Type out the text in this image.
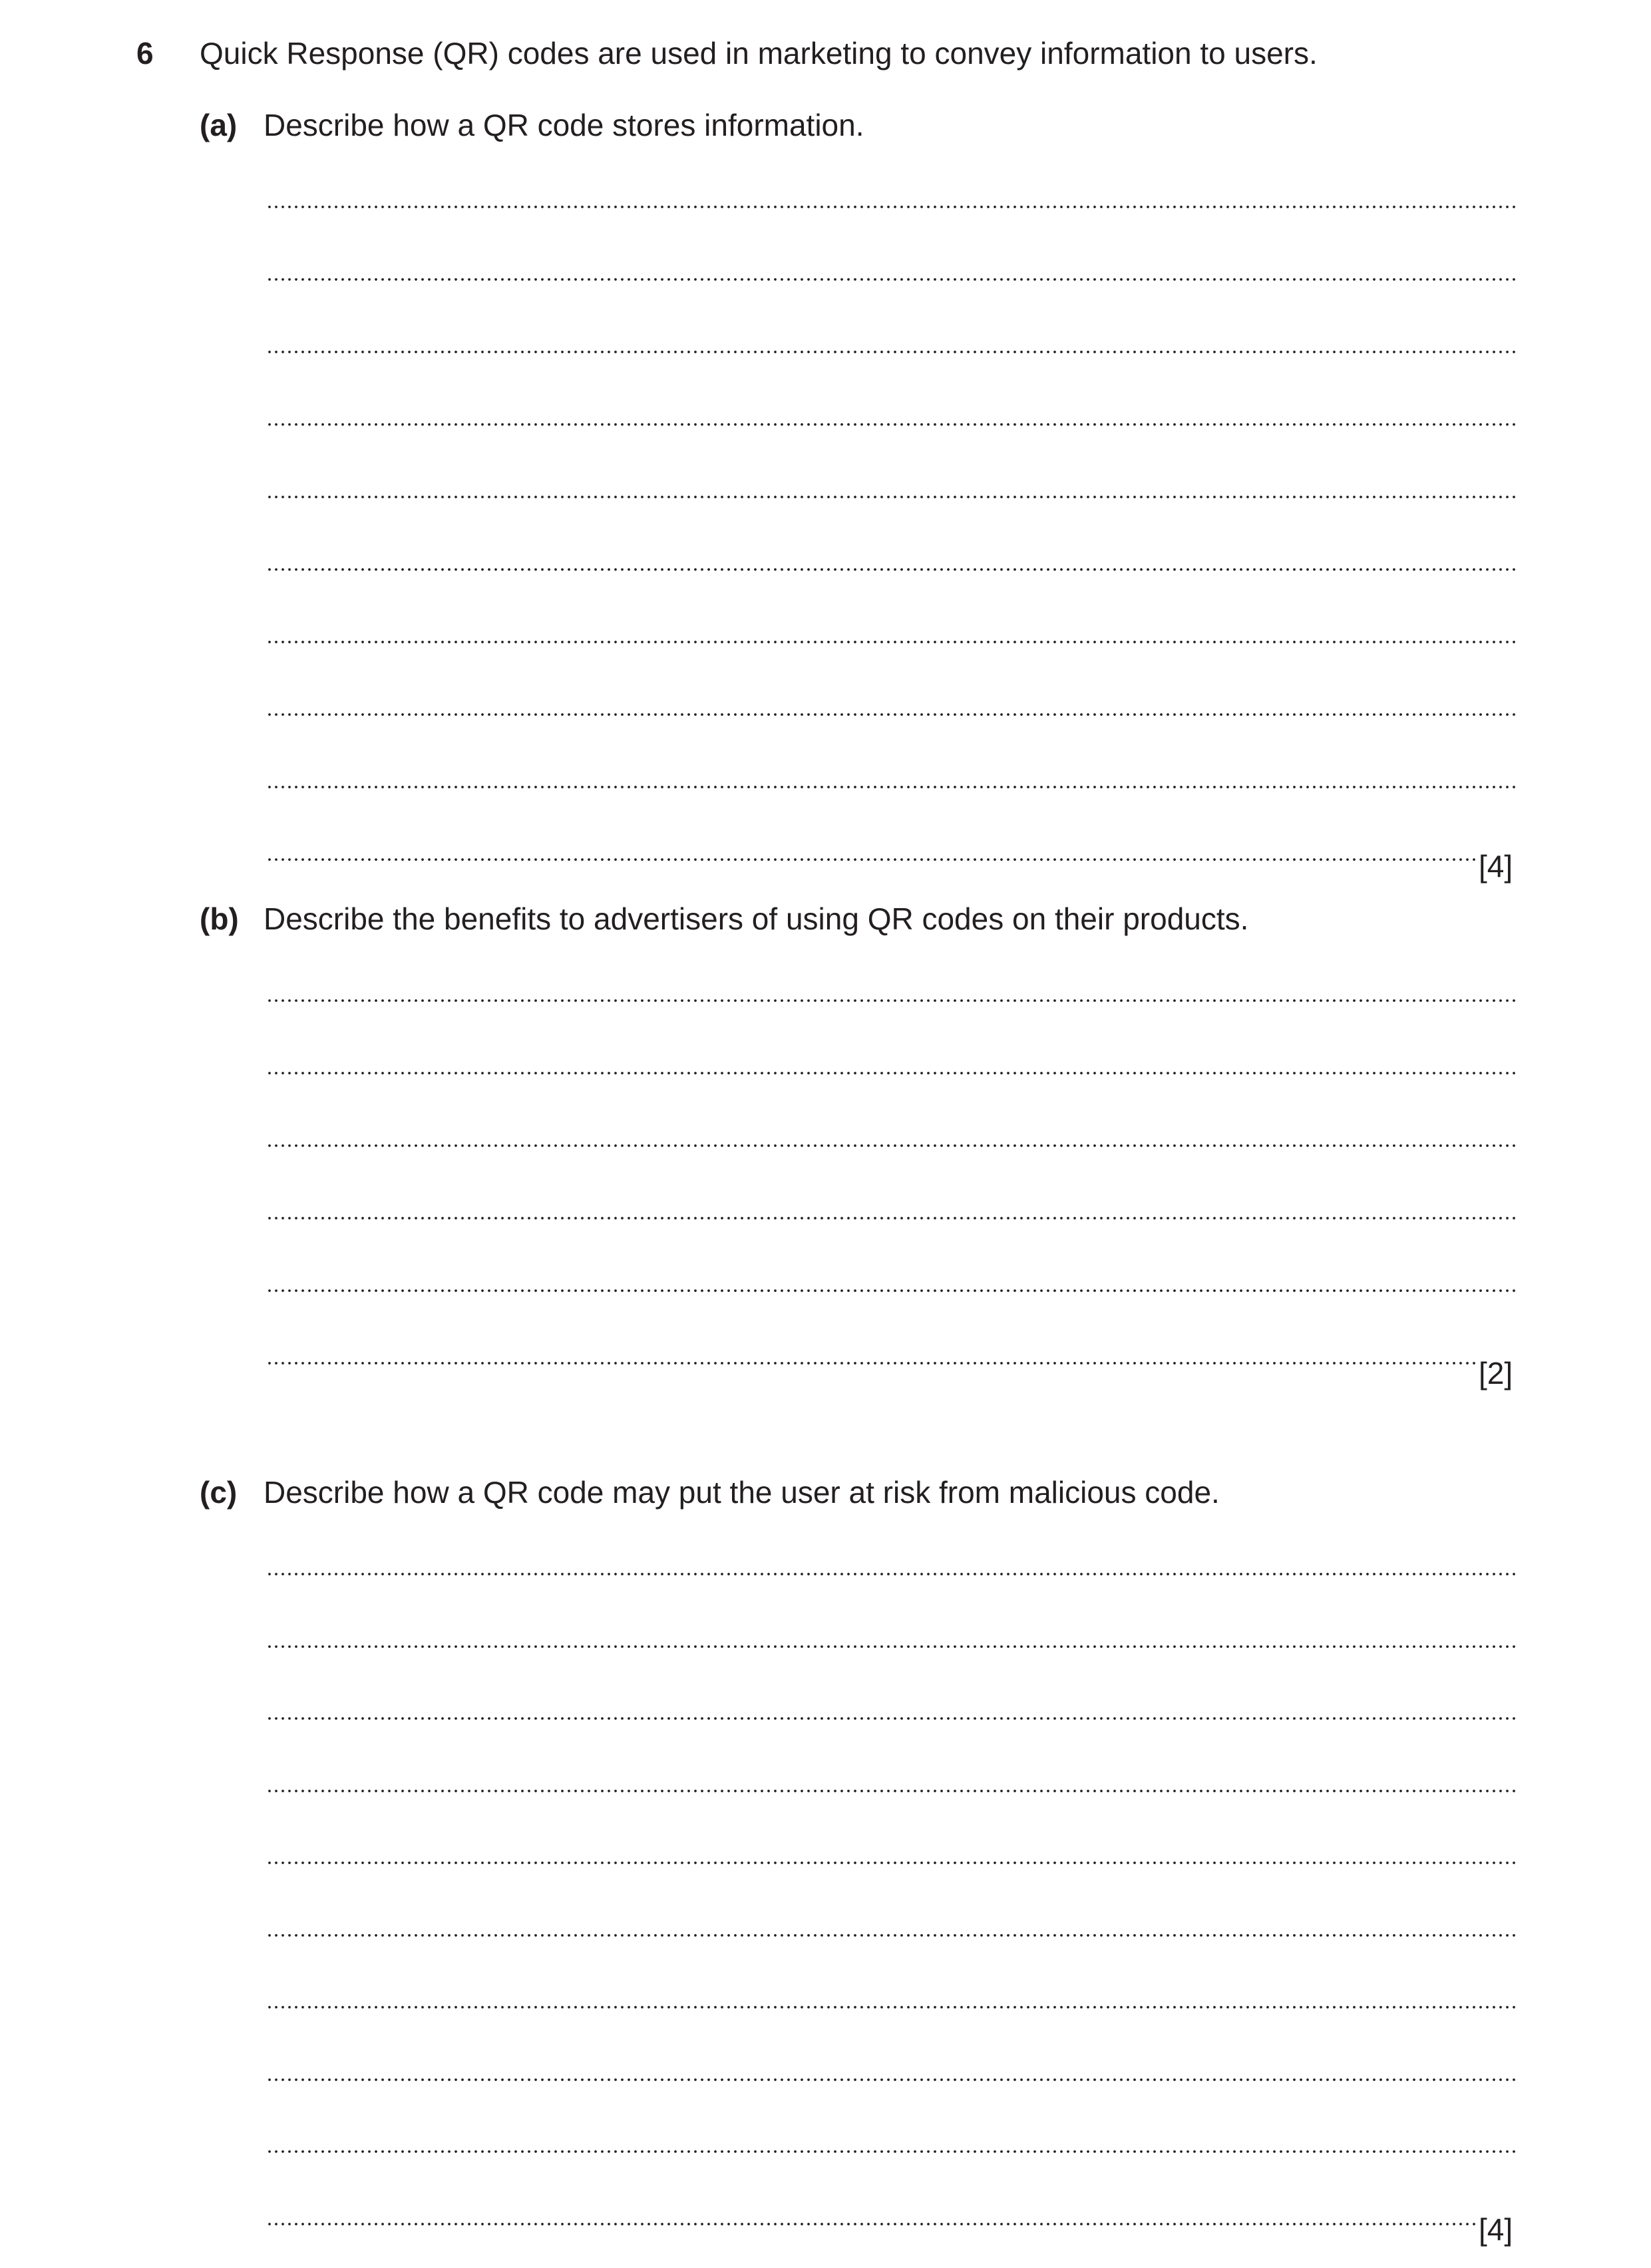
6 Quick Response (QR) codes are used in marketing to convey information to users.
(a) Describe how a QR code stores information.
[4]
(b) Describe the benefits to advertisers of using QR codes on their products.
[2]
(c) Describe how a QR code may put the user at risk from malicious code.
[4]
